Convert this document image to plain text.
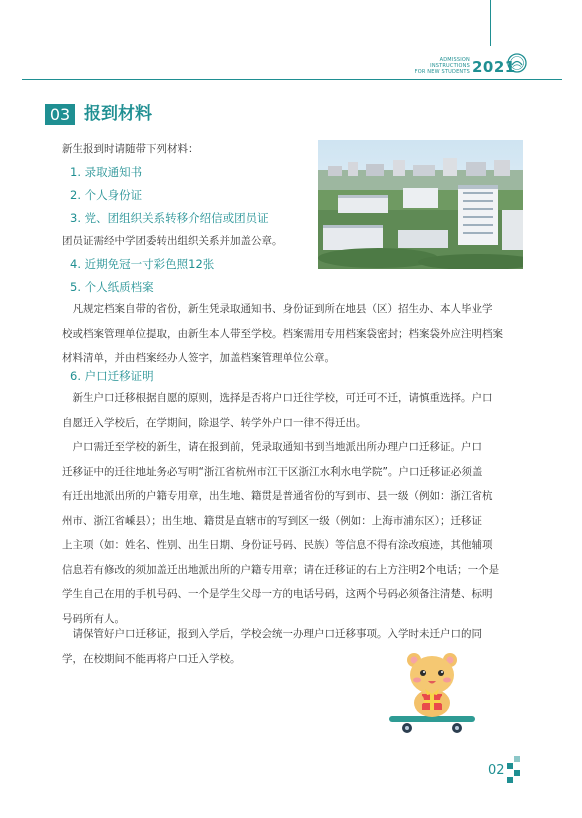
ADMISSION INSTRUCTIONS
FOR NEW STUDENTS 2021
03 报到材料
新生报到时请随带下列材料：
1. 录取通知书
2. 个人身份证
3. 党、团组织关系转移介绍信或团员证
团员证需经中学团委转出组织关系并加盖公章。
4. 近期免冠一寸彩色照12张
5. 个人纸质档案

凡规定档案自带的省份，新生凭录取通知书、身份证到所在地县（区）招生办、本人毕业学

校或档案管理单位提取，由新生本人带至学校。档案需用专用档案袋密封；档案袋外应注明档案

材料清单，并由档案经办人签字，加盖档案管理单位公章。

6. 户口迁移证明

新生户口迁移根据自愿的原则，选择是否将户口迁往学校，可迁可不迁，请慎重选择。户口

自愿迁入学校后，在学期间，除退学、转学外户口一律不得迁出。

户口需迁至学校的新生，请在报到前，凭录取通知书到当地派出所办理户口迁移证。户口

迁移证中的迁往地址务必写明“浙江省杭州市江干区浙江水利水电学院”。户口迁移证必须盖

有迁出地派出所的户籍专用章，出生地、籍贯是普通省份的写到市、县一级（例如：浙江省杭

州市、浙江省嵊县）；出生地、籍贯是直辖市的写到区一级（例如：上海市浦东区）；迁移证

上主项（如：姓名、性别、出生日期、身份证号码、民族）等信息不得有涂改痕迹，其他辅项

信息若有修改的须加盖迁出地派出所的户籍专用章；请在迁移证的右上方注明2个电话；一个是

学生自己在用的手机号码、一个是学生父母一方的电话号码，这两个号码必须备注清楚、标明

号码所有人。

请保管好户口迁移证，报到入学后，学校会统一办理户口迁移事项。入学时未迁户口的同

学，在校期间不能再将户口迁入学校。

02
